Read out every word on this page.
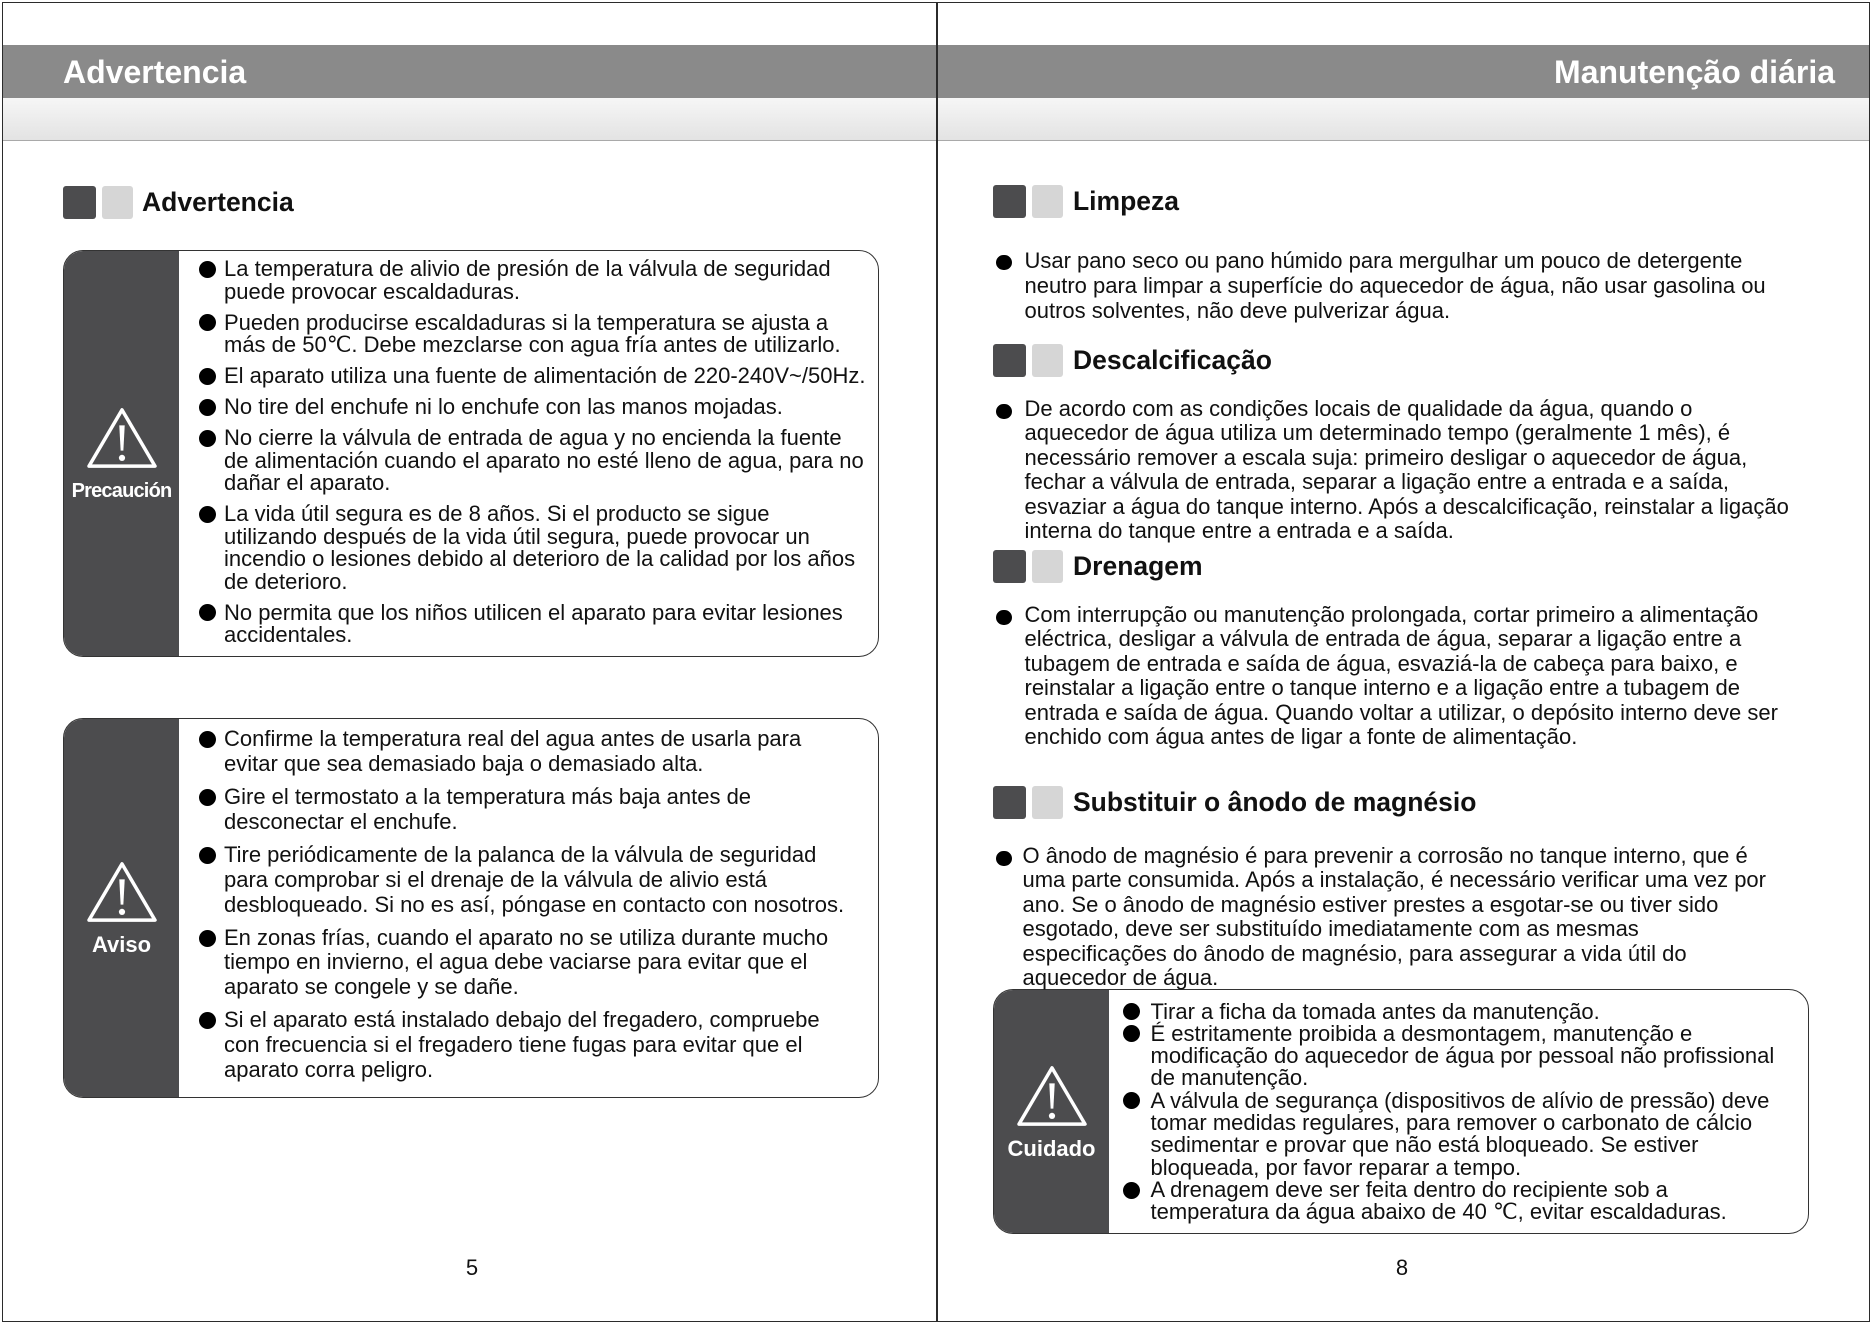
Advertencia	Manutenção diária
Advertencia
Precaución
La temperatura de alivio de presión de la válvula de seguridad
puede provocar escaldaduras.
Pueden producirse escaldaduras si la temperatura se ajusta a
más de 50℃. Debe mezclarse con agua fría antes de utilizarlo.
El aparato utiliza una fuente de alimentación de 220-240V~/50Hz.
No tire del enchufe ni lo enchufe con las manos mojadas.
No cierre la válvula de entrada de agua y no encienda la fuente
de alimentación cuando el aparato no esté lleno de agua, para no
dañar el aparato.
La vida útil segura es de 8 años. Si el producto se sigue
utilizando después de la vida útil segura, puede provocar un
incendio o lesiones debido al deterioro de la calidad por los años
de deterioro.
No permita que los niños utilicen el aparato para evitar lesiones
accidentales.
Aviso
Confirme la temperatura real del agua antes de usarla para
evitar que sea demasiado baja o demasiado alta.
Gire el termostato a la temperatura más baja antes de
desconectar el enchufe.
Tire periódicamente de la palanca de la válvula de seguridad
para comprobar si el drenaje de la válvula de alivio está
desbloqueado. Si no es así, póngase en contacto con nosotros.
En zonas frías, cuando el aparato no se utiliza durante mucho
tiempo en invierno, el agua debe vaciarse para evitar que el
aparato se congele y se dañe.
Si el aparato está instalado debajo del fregadero, compruebe
con frecuencia si el fregadero tiene fugas para evitar que el
aparato corra peligro.
5
Limpeza
Usar pano seco ou pano húmido para mergulhar um pouco de detergente
neutro para limpar a superfície do aquecedor de água, não usar gasolina ou
outros solventes, não deve pulverizar água.
Descalcificação
De acordo com as condições locais de qualidade da água, quando o
aquecedor de água utiliza um determinado tempo (geralmente 1 mês), é
necessário remover a escala suja: primeiro desligar o aquecedor de água,
fechar a válvula de entrada, separar a ligação entre a entrada e a saída,
esvaziar a água do tanque interno. Após a descalcificação, reinstalar a ligação
interna do tanque entre a entrada e a saída.
Drenagem
Com interrupção ou manutenção prolongada, cortar primeiro a alimentação
eléctrica, desligar a válvula de entrada de água, separar a ligação entre a
tubagem de entrada e saída de água, esvaziá-la de cabeça para baixo, e
reinstalar a ligação entre o tanque interno e a ligação entre a tubagem de
entrada e saída de água. Quando voltar a utilizar, o depósito interno deve ser
enchido com água antes de ligar a fonte de alimentação.
Substituir o ânodo de magnésio
O ânodo de magnésio é para prevenir a corrosão no tanque interno, que é
uma parte consumida. Após a instalação, é necessário verificar uma vez por
ano. Se o ânodo de magnésio estiver prestes a esgotar-se ou tiver sido
esgotado, deve ser substituído imediatamente com as mesmas
especificações do ânodo de magnésio, para assegurar a vida útil do
aquecedor de água.
Cuidado
Tirar a ficha da tomada antes da manutenção.
É estritamente proibida a desmontagem, manutenção e
modificação do aquecedor de água por pessoal não profissional
de manutenção.
A válvula de segurança (dispositivos de alívio de pressão) deve
tomar medidas regulares, para remover o carbonato de cálcio
sedimentar e provar que não está bloqueado. Se estiver
bloqueada, por favor reparar a tempo.
A drenagem deve ser feita dentro do recipiente sob a
temperatura da água abaixo de 40 ℃, evitar escaldaduras.
8
